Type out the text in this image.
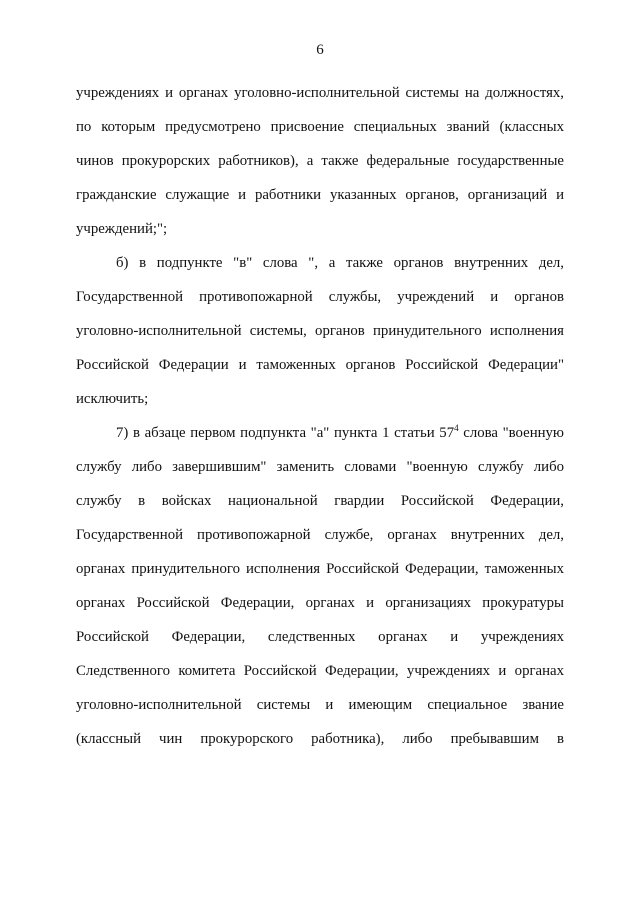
6
учреждениях и органах уголовно-исполнительной системы на должностях,
по которым предусмотрено присвоение специальных званий (классных
чинов прокурорских работников), а также федеральные государственные
гражданские служащие и работники указанных органов, организаций и
учреждений;";
б) в подпункте "в" слова ", а также органов внутренних дел,
Государственной противопожарной службы, учреждений и органов
уголовно-исполнительной системы, органов принудительного исполнения
Российской Федерации и таможенных органов Российской Федерации"
исключить;
7) в абзаце первом подпункта "а" пункта 1 статьи $57^4$ слова "военную
службу либо завершившим" заменить словами "военную службу либо
службу в войсках национальной гвардии Российской Федерации,
Государственной противопожарной службе, органах внутренних дел,
органах принудительного исполнения Российской Федерации, таможенных
органах Российской Федерации, органах и организациях прокуратуры
Российской Федерации, следственных органах и учреждениях
Следственного комитета Российской Федерации, учреждениях и органах
уголовно-исполнительной системы и имеющим специальное звание
(классный чин прокурорского работника), либо пребывавшим в
